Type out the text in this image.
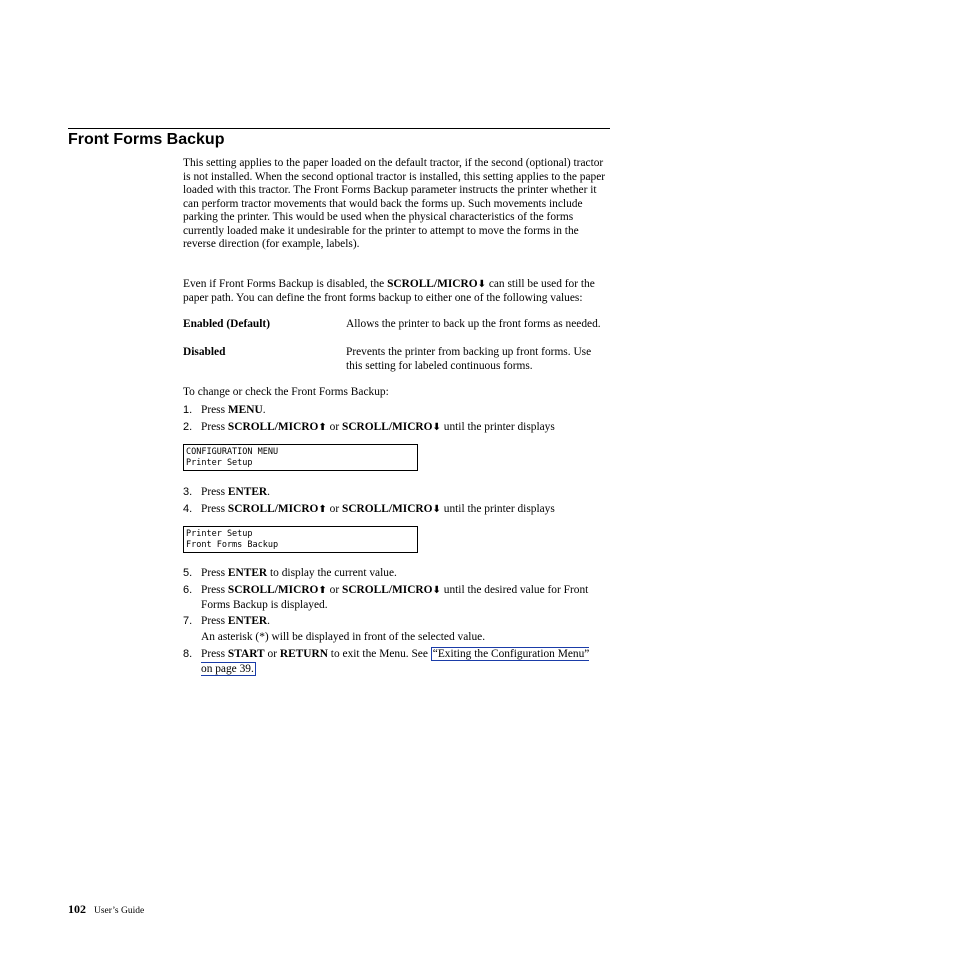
Front Forms Backup

This setting applies to the paper loaded on the default tractor, if the second (optional) tractor is not installed. When the second optional tractor is installed, this setting applies to the paper loaded with this tractor. The Front Forms Backup parameter instructs the printer whether it can perform tractor movements that would back the forms up. Such movements include parking the printer. This would be used when the physical characteristics of the forms currently loaded make it undesirable for the printer to attempt to move the forms in the reverse direction (for example, labels).

Even if Front Forms Backup is disabled, the SCROLL/MICRO⬇ can still be used for the paper path. You can define the front forms backup to either one of the following values:

Enabled (Default)	Allows the printer to back up the front forms as needed.
Disabled	Prevents the printer from backing up front forms. Use this setting for labeled continuous forms.
To change or check the Front Forms Backup:
1. Press MENU.
2. Press SCROLL/MICRO⬆ or SCROLL/MICRO⬇ until the printer displays
CONFIGURATION MENU
Printer Setup
3. Press ENTER.
4. Press SCROLL/MICRO⬆ or SCROLL/MICRO⬇ until the printer displays
Printer Setup
Front Forms Backup
5. Press ENTER to display the current value.
6. Press SCROLL/MICRO⬆ or SCROLL/MICRO⬇ until the desired value for Front Forms Backup is displayed.
7. Press ENTER.
An asterisk (*) will be displayed in front of the selected value.
8. Press START or RETURN to exit the Menu. See “Exiting the Configuration Menu” on page 39.
102 User’s Guide
